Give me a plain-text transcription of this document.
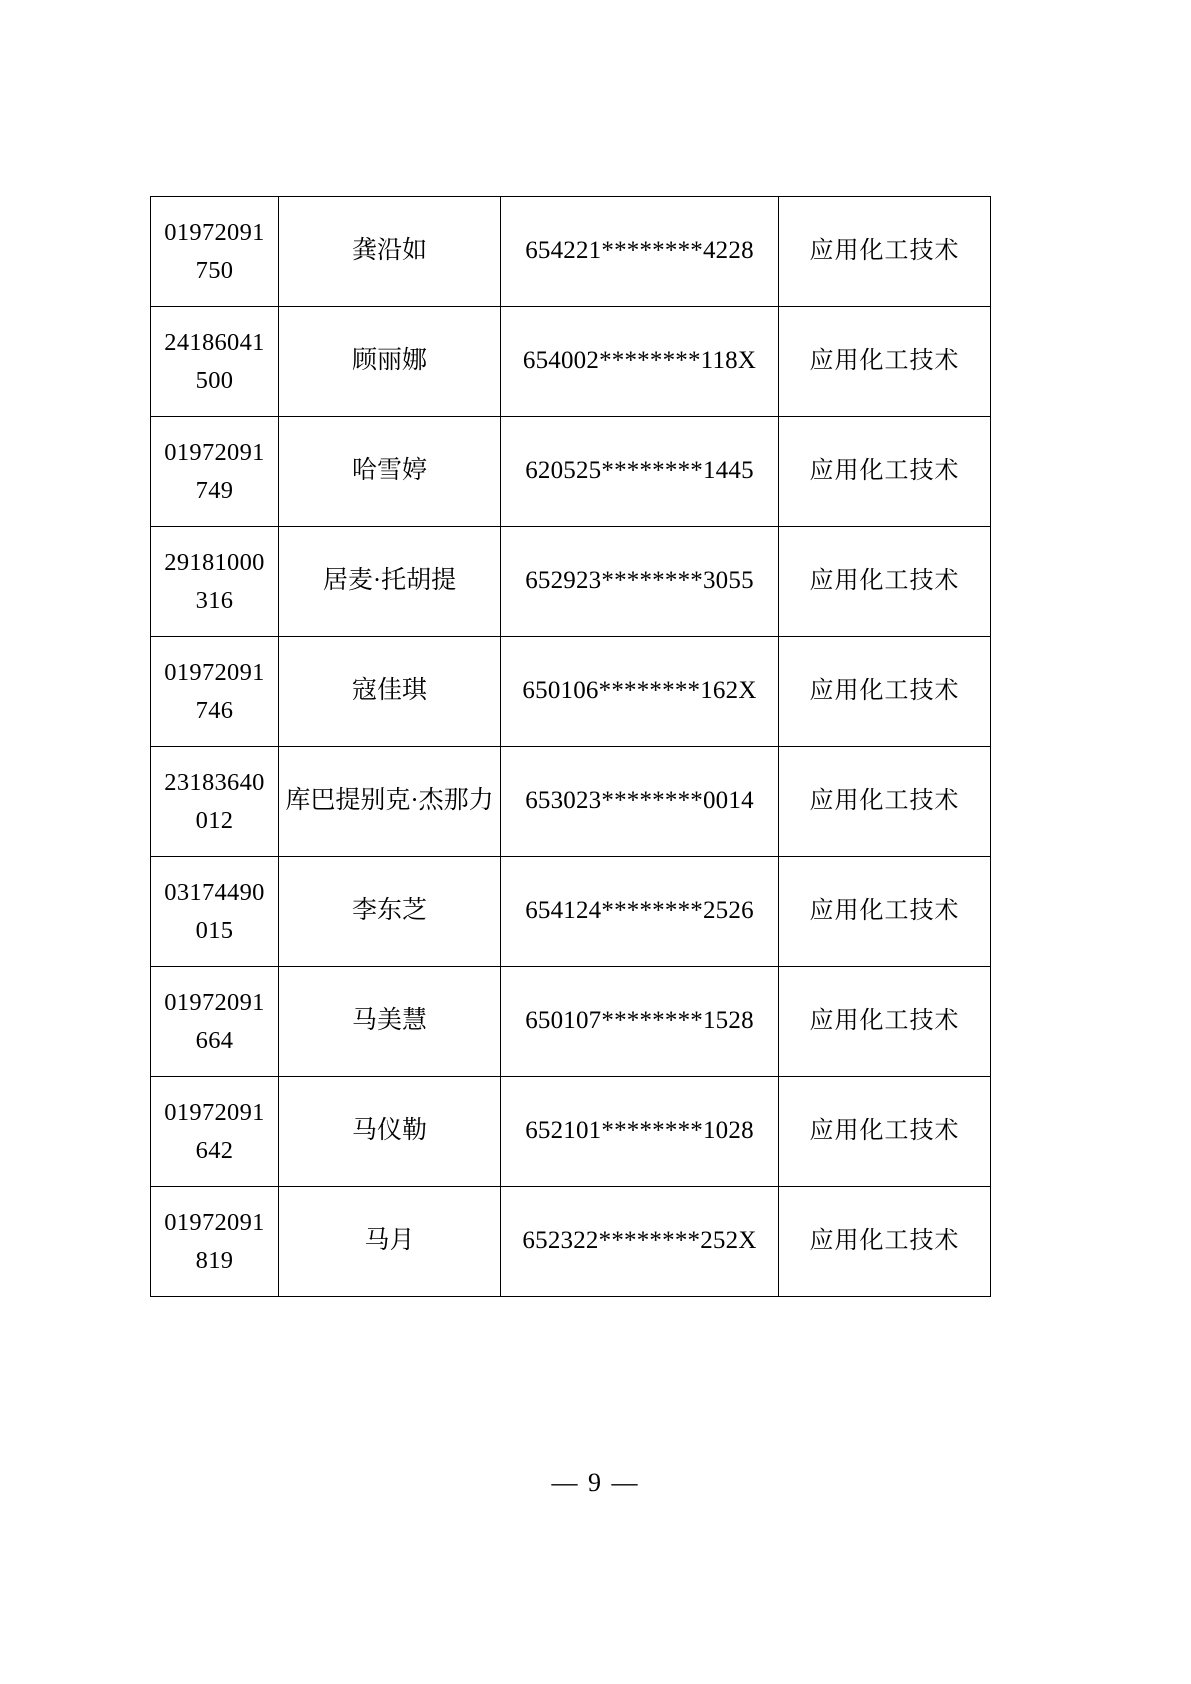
01972091
750	龚沿如	654221********4228	应用化工技术

24186041
500	顾丽娜	654002********118X	应用化工技术

01972091
749	哈雪婷	620525********1445	应用化工技术

29181000
316	居麦·托胡提	652923********3055	应用化工技术

01972091
746	寇佳琪	650106********162X	应用化工技术

23183640
012	库巴提别克·杰那力	653023********0014	应用化工技术

03174490
015	李东芝	654124********2526	应用化工技术

01972091
664	马美慧	650107********1528	应用化工技术

01972091
642	马仪勒	652101********1028	应用化工技术

01972091
819	马月	652322********252X	应用化工技术
— 9 —
